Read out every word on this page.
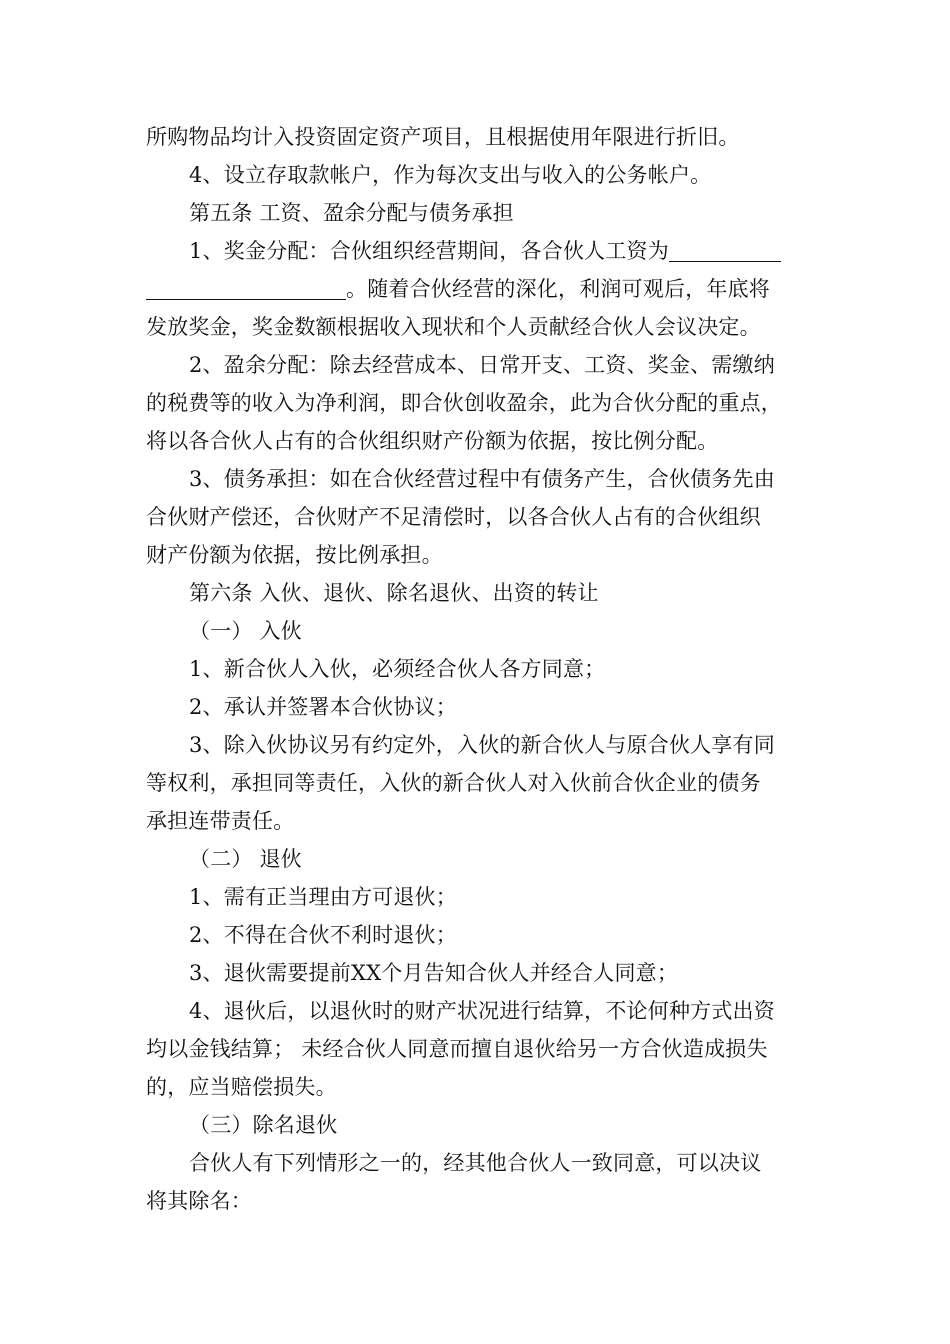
所购物品均计入投资固定资产项目，且根据使用年限进行折旧。
4、设立存取款帐户，作为每次支出与收入的公务帐户。
第五条 工资、盈余分配与债务承担
1、奖金分配：合伙组织经营期间，各合伙人工资为
。随着合伙经营的深化，利润可观后，年底将
发放奖金，奖金数额根据收入现状和个人贡献经合伙人会议决定。
2、盈余分配：除去经营成本、日常开支、工资、奖金、需缴纳
的税费等的收入为净利润，即合伙创收盈余，此为合伙分配的重点，
将以各合伙人占有的合伙组织财产份额为依据，按比例分配。
3、债务承担：如在合伙经营过程中有债务产生，合伙债务先由
合伙财产偿还，合伙财产不足清偿时，以各合伙人占有的合伙组织
财产份额为依据，按比例承担。
第六条 入伙、退伙、除名退伙、出资的转让
（一） 入伙
1、新合伙人入伙，必须经合伙人各方同意；
2、承认并签署本合伙协议；
3、除入伙协议另有约定外，入伙的新合伙人与原合伙人享有同
等权利，承担同等责任，入伙的新合伙人对入伙前合伙企业的债务
承担连带责任。
（二） 退伙
1、需有正当理由方可退伙；
2、不得在合伙不利时退伙；
3、退伙需要提前XX个月告知合伙人并经合人同意；
4、退伙后，以退伙时的财产状况进行结算，不论何种方式出资
均以金钱结算； 未经合伙人同意而擅自退伙给另一方合伙造成损失
的，应当赔偿损失。
（三）除名退伙
合伙人有下列情形之一的，经其他合伙人一致同意，可以决议
将其除名：
